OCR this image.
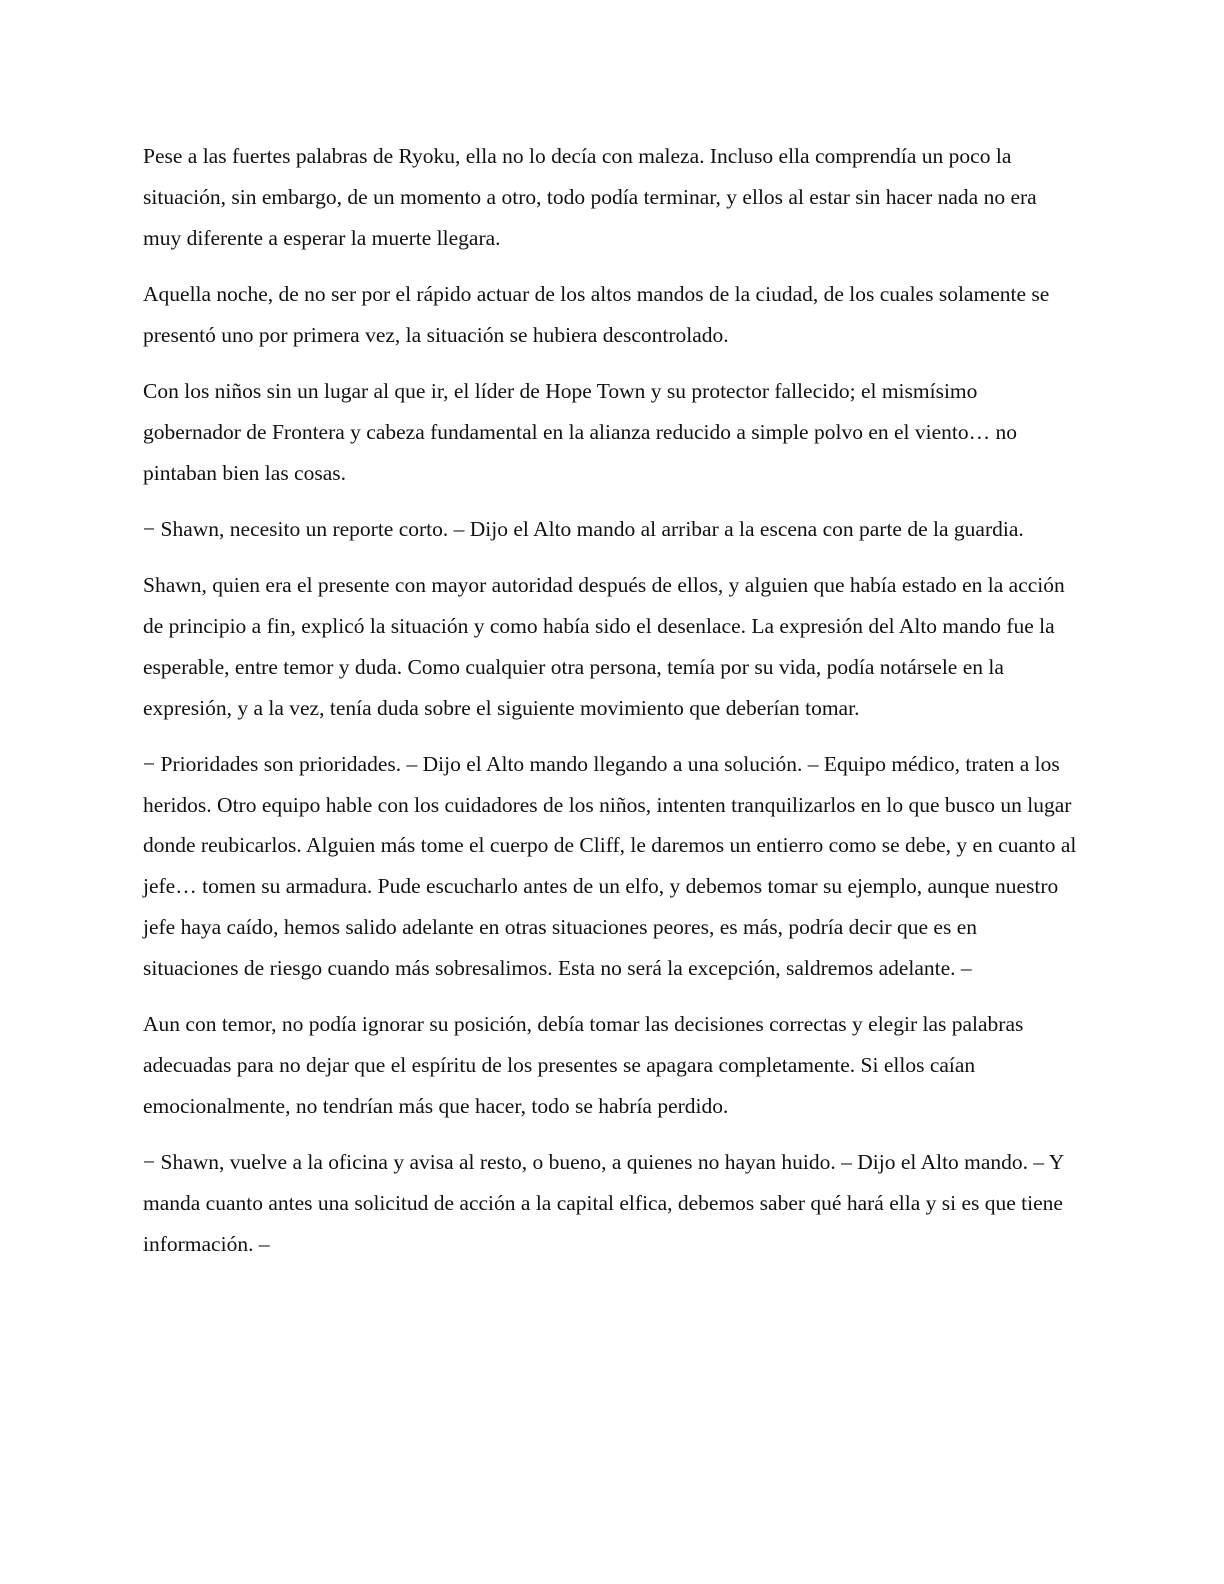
Pese a las fuertes palabras de Ryoku, ella no lo decía con maleza. Incluso ella comprendía un poco la situación, sin embargo, de un momento a otro, todo podía terminar, y ellos al estar sin hacer nada no era muy diferente a esperar la muerte llegara.

Aquella noche, de no ser por el rápido actuar de los altos mandos de la ciudad, de los cuales solamente se presentó uno por primera vez, la situación se hubiera descontrolado.

Con los niños sin un lugar al que ir, el líder de Hope Town y su protector fallecido; el mismísimo gobernador de Frontera y cabeza fundamental en la alianza reducido a simple polvo en el viento… no pintaban bien las cosas.

− Shawn, necesito un reporte corto. – Dijo el Alto mando al arribar a la escena con parte de la guardia.

Shawn, quien era el presente con mayor autoridad después de ellos, y alguien que había estado en la acción de principio a fin, explicó la situación y como había sido el desenlace. La expresión del Alto mando fue la esperable, entre temor y duda. Como cualquier otra persona, temía por su vida, podía notársele en la expresión, y a la vez, tenía duda sobre el siguiente movimiento que deberían tomar.

− Prioridades son prioridades. – Dijo el Alto mando llegando a una solución. – Equipo médico, traten a los heridos. Otro equipo hable con los cuidadores de los niños, intenten tranquilizarlos en lo que busco un lugar donde reubicarlos. Alguien más tome el cuerpo de Cliff, le daremos un entierro como se debe, y en cuanto al jefe… tomen su armadura. Pude escucharlo antes de un elfo, y debemos tomar su ejemplo, aunque nuestro jefe haya caído, hemos salido adelante en otras situaciones peores, es más, podría decir que es en situaciones de riesgo cuando más sobresalimos. Esta no será la excepción, saldremos adelante. –

Aun con temor, no podía ignorar su posición, debía tomar las decisiones correctas y elegir las palabras adecuadas para no dejar que el espíritu de los presentes se apagara completamente. Si ellos caían emocionalmente, no tendrían más que hacer, todo se habría perdido.

− Shawn, vuelve a la oficina y avisa al resto, o bueno, a quienes no hayan huido. – Dijo el Alto mando. – Y manda cuanto antes una solicitud de acción a la capital elfica, debemos saber qué hará ella y si es que tiene información. –
